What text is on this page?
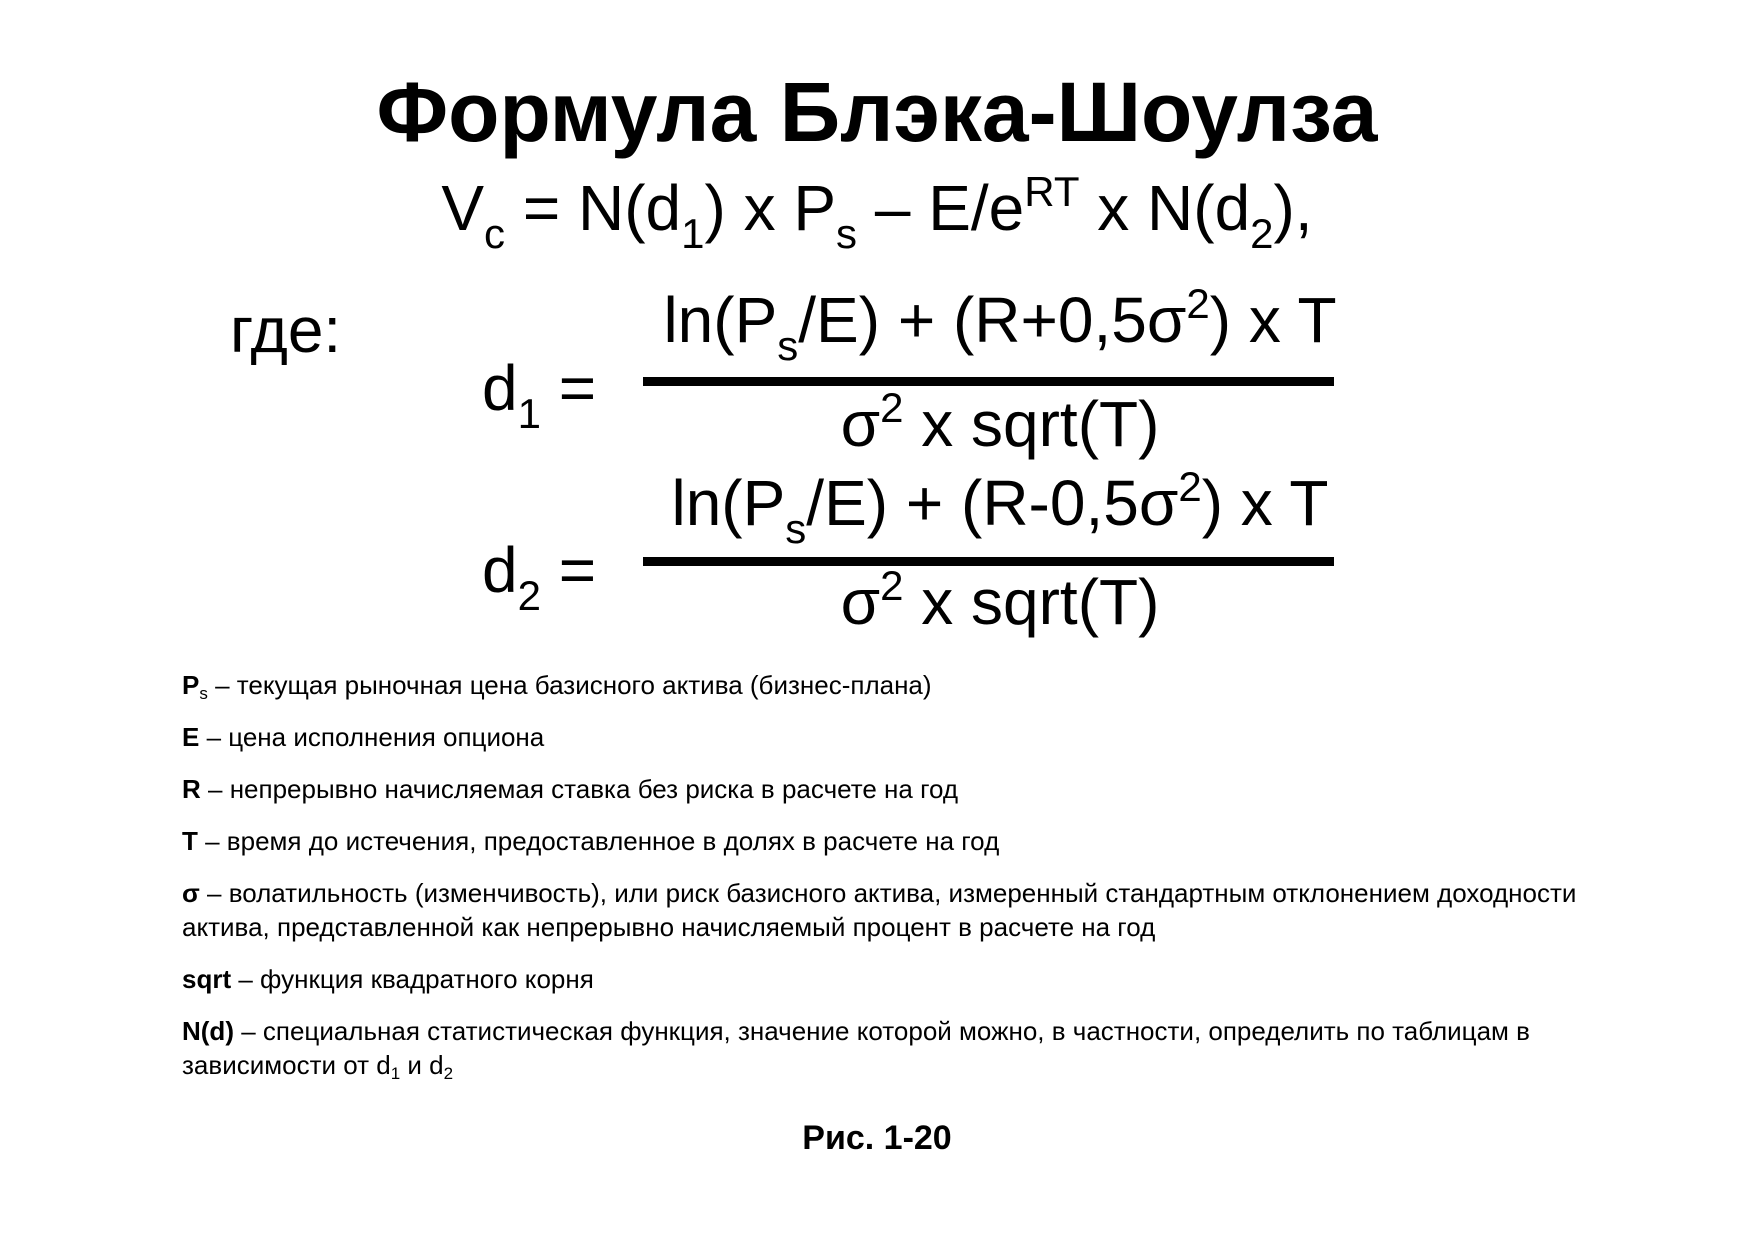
Формула Блэка-Шоулза
$V_c = N(d_1)$ x $P_s - E/e^{RT}$ x $N(d_2)$,
где:
$d_1$ =
$\ln(P_s/E) + (R+0,5\sigma^2)$ x T
$\sigma^2$ x sqrt(T)
$d_2$ =
$\ln(P_s/E) + (R-0,5\sigma^2)$ x T
$\sigma^2$ x sqrt(T)
$P_s$ – текущая рыночная цена базисного актива (бизнес-плана)
E – цена исполнения опциона
R – непрерывно начисляемая ставка без риска в расчете на год
T – время до истечения, предоставленное в долях в расчете на год
σ – волатильность (изменчивость), или риск базисного актива, измеренный стандартным отклонением доходности актива, представленной как непрерывно начисляемый процент в расчете на год
sqrt – функция квадратного корня
N(d) – специальная статистическая функция, значение которой можно, в частности, определить по таблицам в зависимости от $d_1$ и $d_2$
Рис. 1-20
